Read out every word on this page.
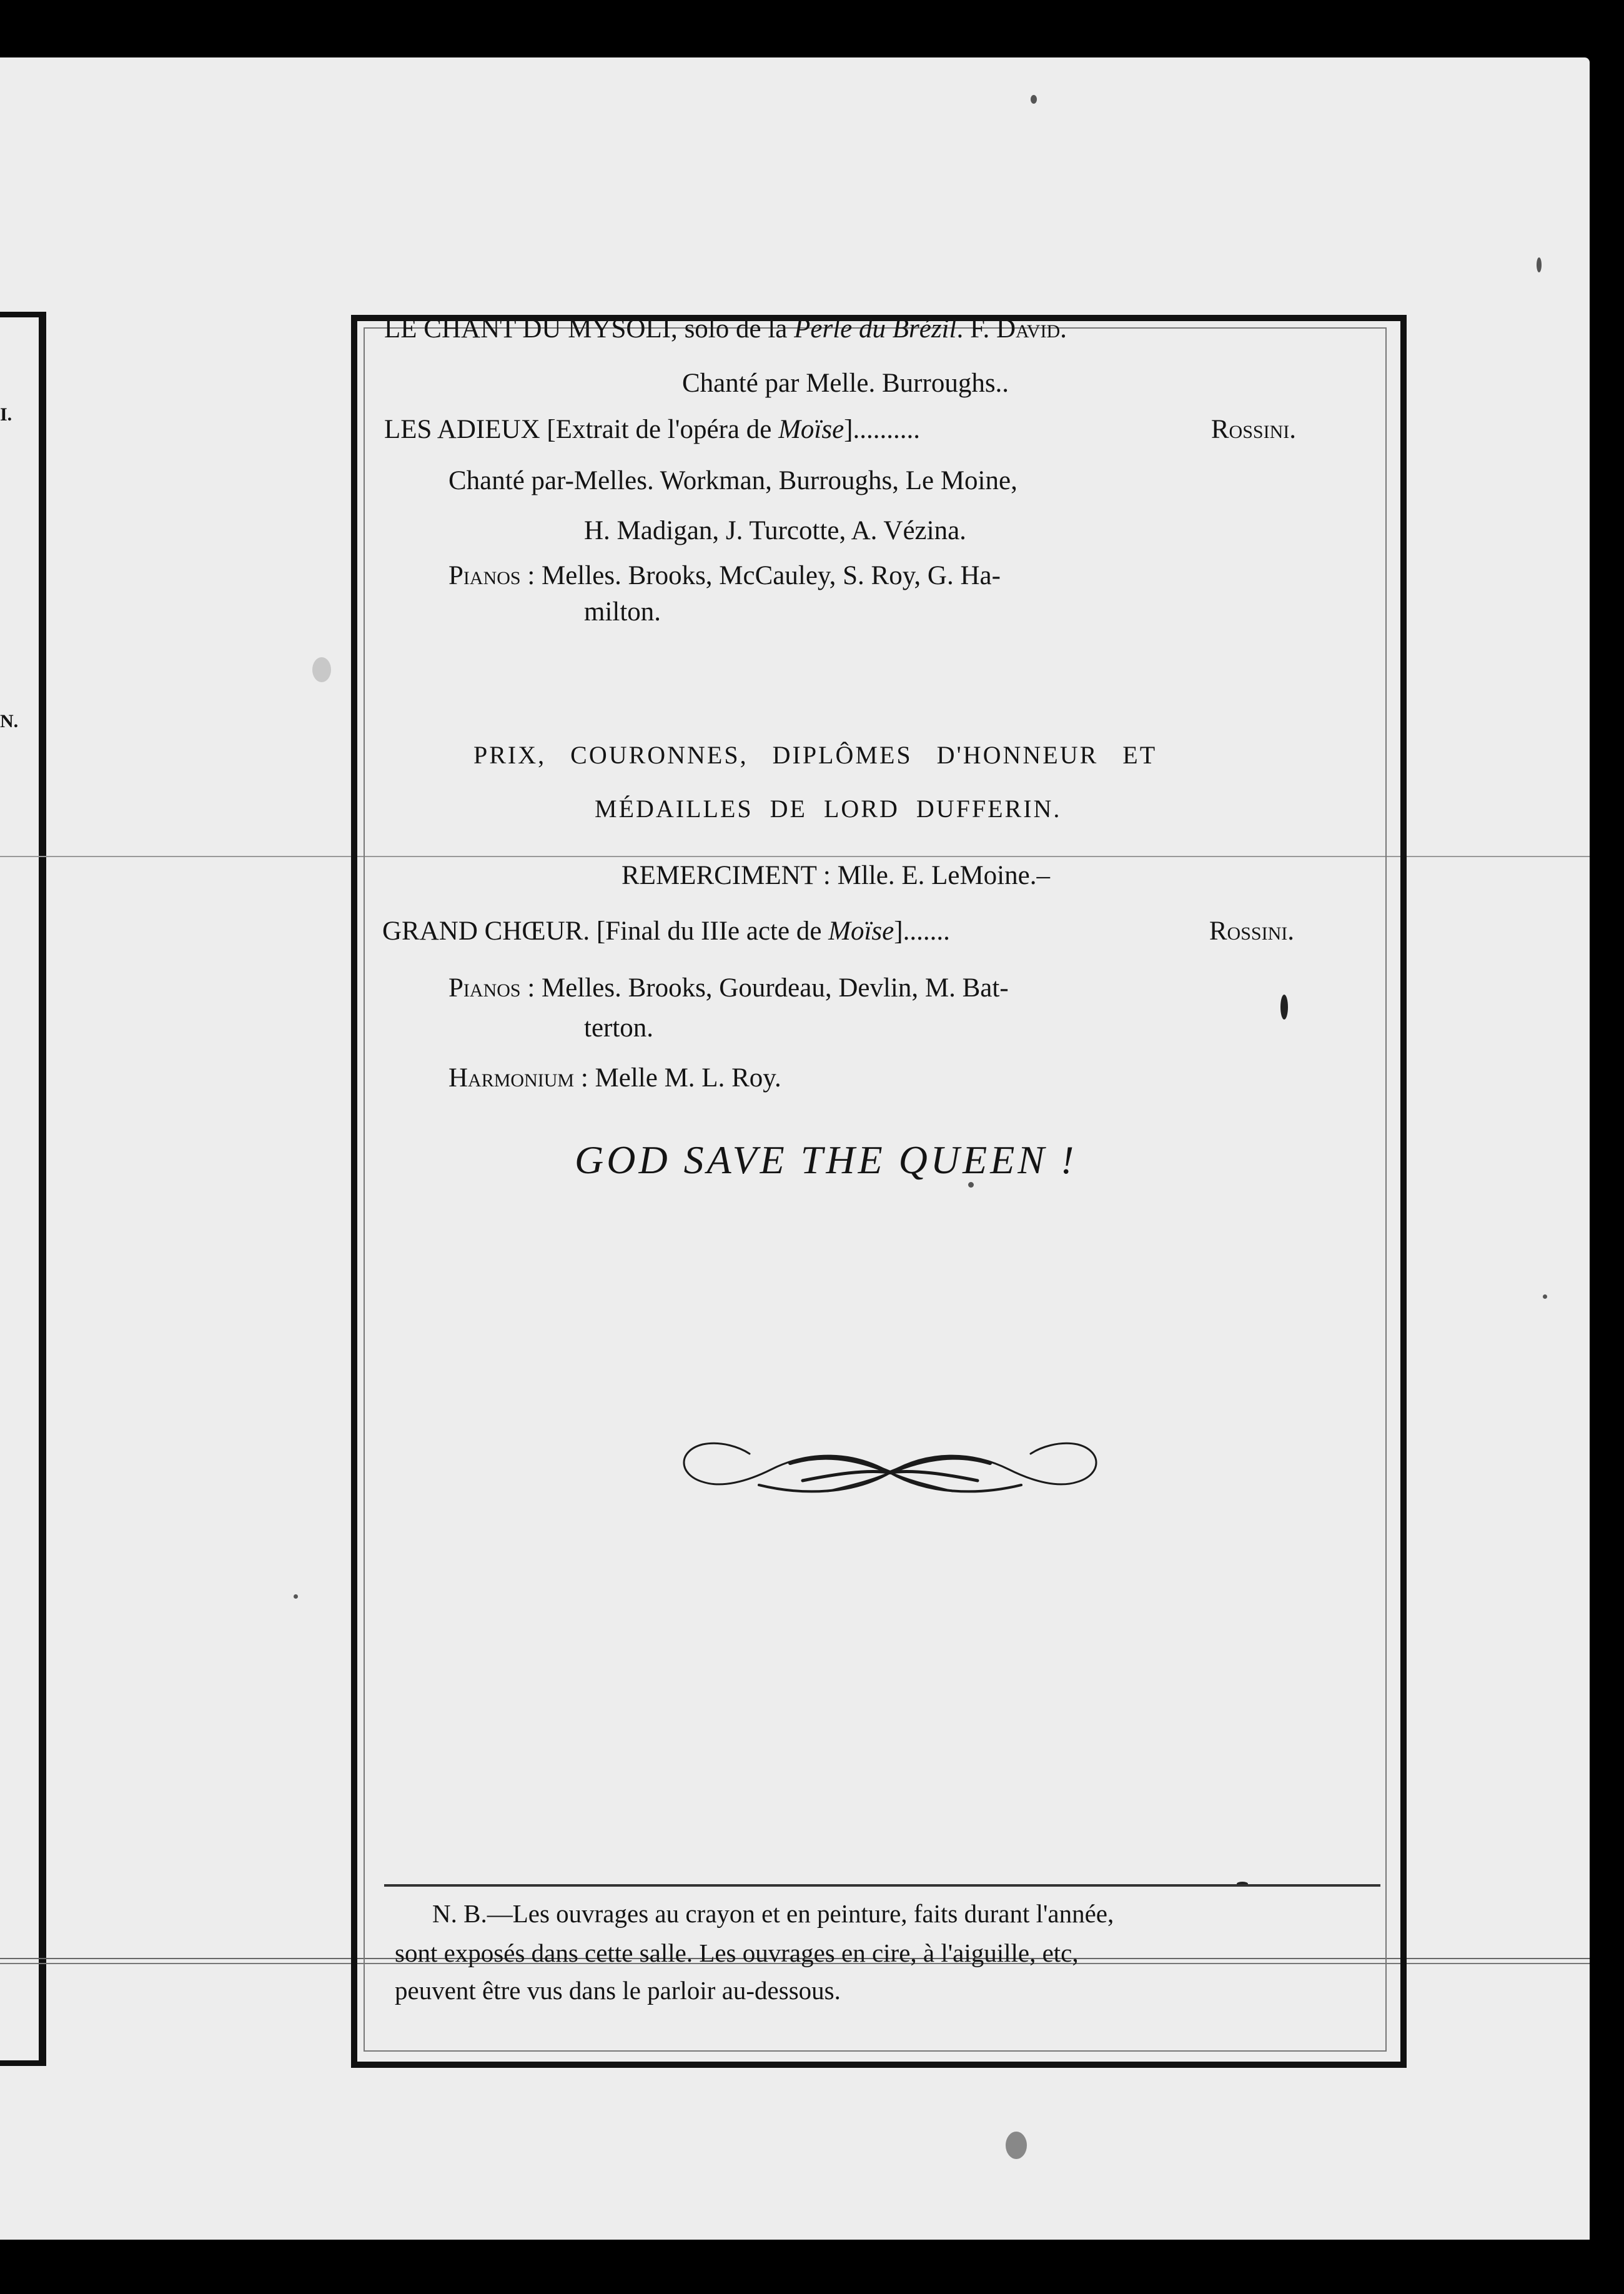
I.
N.
LE CHANT DU MYSOLI, solo de la Perle du Brézil. F. David.
Chanté par Melle. Burroughs..
LES ADIEUX [Extrait de l'opéra de Moïse]..........	Rossini.
Chanté par-Melles. Workman, Burroughs, Le Moine,
H. Madigan, J. Turcotte, A. Vézina.
Pianos : Melles. Brooks, McCauley, S. Roy, G. Ha-
milton.
PRIX, COURONNES, DIPLÔMES D'HONNEUR ET
MÉDAILLES DE LORD DUFFERIN.
REMERCIMENT : Mlle. E. LeMoine.–
GRAND CHŒUR. [Final du IIIe acte de Moïse].......	Rossini.
Pianos : Melles. Brooks, Gourdeau, Devlin, M. Bat-
terton.
Harmonium : Melle M. L. Roy.
GOD SAVE THE QUEEN !
N. B.—Les ouvrages au crayon et en peinture, faits durant l'année,
sont exposés dans cette salle. Les ouvrages en cire, à l'aiguille, etc,
peuvent être vus dans le parloir au-dessous.
